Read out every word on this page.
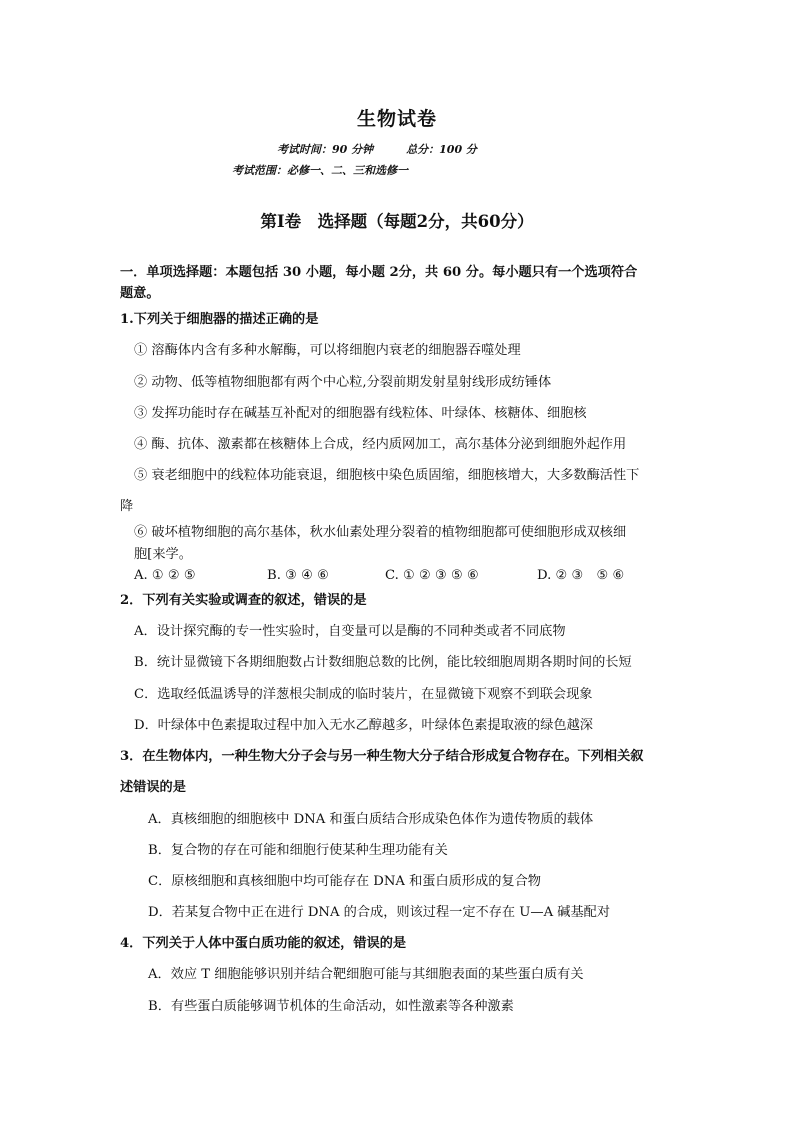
生物试卷
考试时间：90 分钟　　　总分：100 分
考试范围：必修一、二、三和选修一
第I卷　选择题（每题2分，共60分）
一．单项选择题：本题包括 30 小题，每小题 2分，共 60 分。每小题只有一个选项符合
题意。
1.下列关于细胞器的描述正确的是
① 溶酶体内含有多种水解酶，可以将细胞内衰老的细胞器吞噬处理
② 动物、低等植物细胞都有两个中心粒,分裂前期发射星射线形成纺锤体
③ 发挥功能时存在碱基互补配对的细胞器有线粒体、叶绿体、核糖体、细胞核
④ 酶、抗体、激素都在核糖体上合成，经内质网加工，高尔基体分泌到细胞外起作用
⑤ 衰老细胞中的线粒体功能衰退，细胞核中染色质固缩，细胞核增大，大多数酶活性下
降
⑥ 破坏植物细胞的高尔基体，秋水仙素处理分裂着的植物细胞都可使细胞形成双核细
胞[来学。
A. ① ② ⑤	B. ③ ④ ⑥	C. ① ② ③ ⑤ ⑥	D. ② ③　⑤ ⑥
2．下列有关实验或调查的叙述，错误的是
A．设计探究酶的专一性实验时，自变量可以是酶的不同种类或者不同底物
B．统计显微镜下各期细胞数占计数细胞总数的比例，能比较细胞周期各期时间的长短
C．选取经低温诱导的洋葱根尖制成的临时装片，在显微镜下观察不到联会现象
D．叶绿体中色素提取过程中加入无水乙醇越多，叶绿体色素提取液的绿色越深
3．在生物体内，一种生物大分子会与另一种生物大分子结合形成复合物存在。下列相关叙
述错误的是
A．真核细胞的细胞核中 DNA 和蛋白质结合形成染色体作为遗传物质的载体
B．复合物的存在可能和细胞行使某种生理功能有关
C．原核细胞和真核细胞中均可能存在 DNA 和蛋白质形成的复合物
D．若某复合物中正在进行 DNA 的合成，则该过程一定不存在 U—A 碱基配对
4．下列关于人体中蛋白质功能的叙述，错误的是
A．效应 T 细胞能够识别并结合靶细胞可能与其细胞表面的某些蛋白质有关
B．有些蛋白质能够调节机体的生命活动，如性激素等各种激素
